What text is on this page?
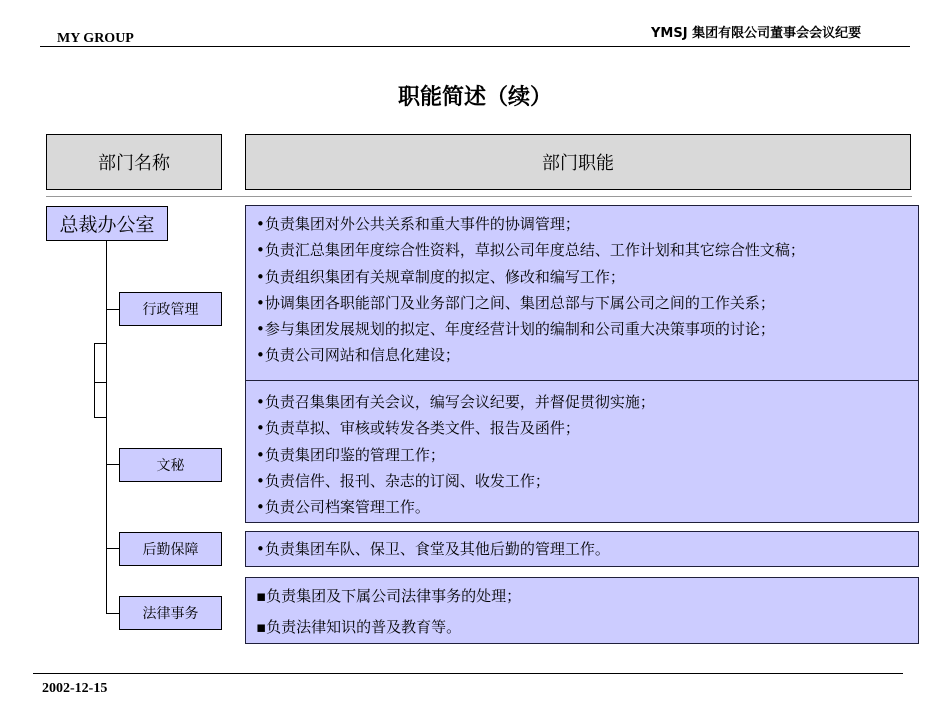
MY GROUP	YMSJ 集团有限公司董事会会议纪要
职能简述（续）
部门名称	部门职能
总裁办公室
行政管理
文秘
后勤保障
法律事务

•负责集团对外公共关系和重大事件的协调管理；

•负责汇总集团年度综合性资料，草拟公司年度总结、工作计划和其它综合性文稿；

•负责组织集团有关规章制度的拟定、修改和编写工作；

•协调集团各职能部门及业务部门之间、集团总部与下属公司之间的工作关系；

•参与集团发展规划的拟定、年度经营计划的编制和公司重大决策事项的讨论；

•负责公司网站和信息化建设；

•负责召集集团有关会议，编写会议纪要，并督促贯彻实施；

•负责草拟、审核或转发各类文件、报告及函件；

•负责集团印鉴的管理工作；

•负责信件、报刊、杂志的订阅、收发工作；

•负责公司档案管理工作。

•负责集团车队、保卫、食堂及其他后勤的管理工作。

▪负责集团及下属公司法律事务的处理；

▪负责法律知识的普及教育等。

2002-12-15
